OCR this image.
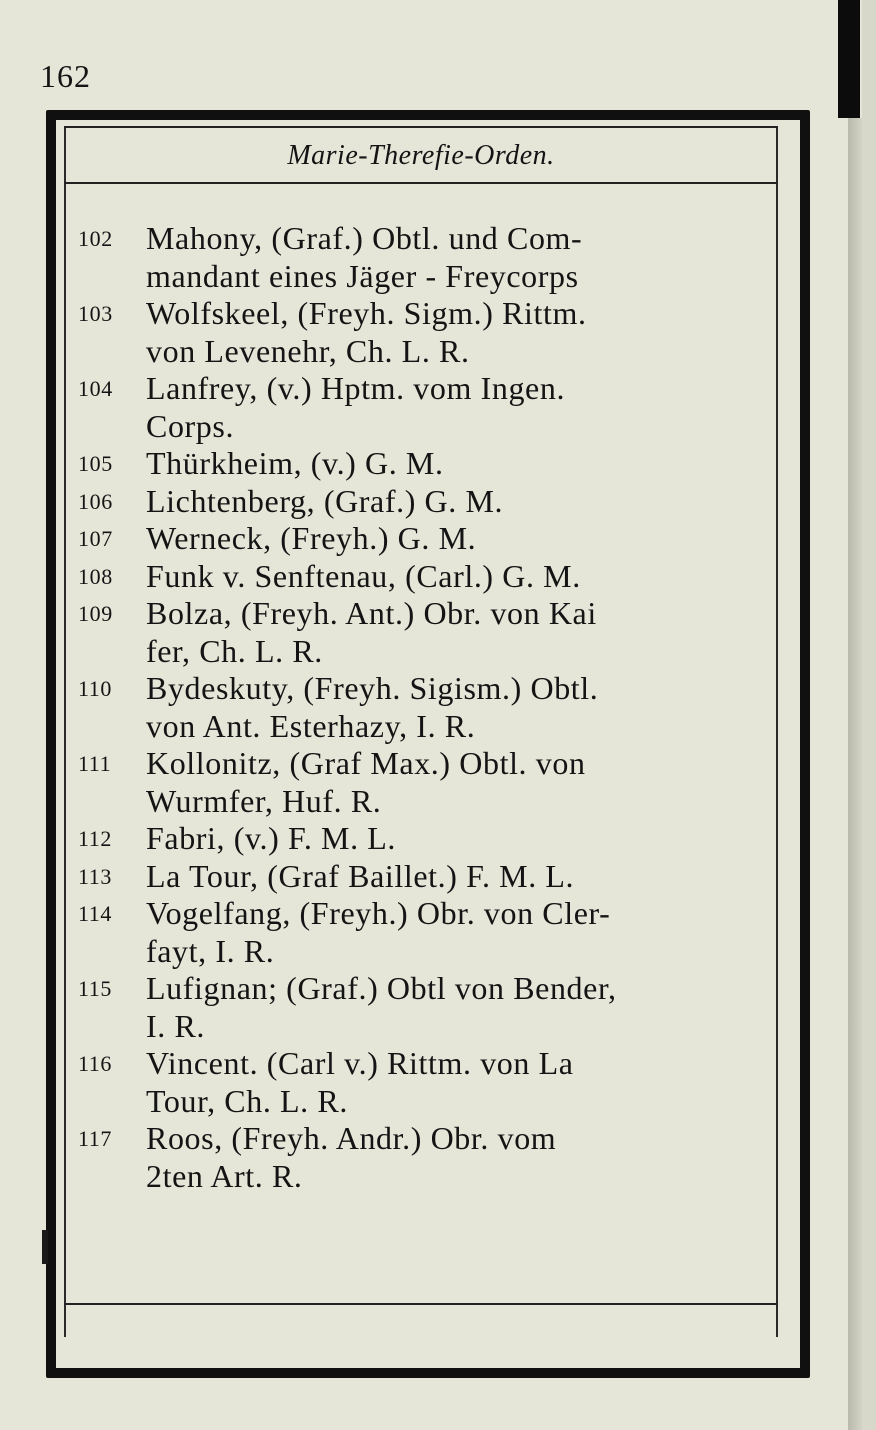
162
Marie-Therefie-Orden.
102	Mahony, (Graf.) Obtl. und Com-
mandant eines Jäger - Freycorps
103	Wolfskeel, (Freyh. Sigm.) Rittm.
von Levenehr, Ch. L. R.
104	Lanfrey, (v.) Hptm. vom Ingen.
Corps.
105	Thürkheim, (v.) G. M.
106	Lichtenberg, (Graf.) G. M.
107	Werneck, (Freyh.) G. M.
108	Funk v. Senftenau, (Carl.) G. M.
109	Bolza, (Freyh. Ant.) Obr. von Kai
fer, Ch. L. R.
110	Bydeskuty, (Freyh. Sigism.) Obtl.
von Ant. Esterhazy, I. R.
111	Kollonitz, (Graf Max.) Obtl. von
Wurmfer, Huf. R.
112	Fabri, (v.) F. M. L.
113	La Tour, (Graf Baillet.) F. M. L.
114	Vogelfang, (Freyh.) Obr. von Cler-
fayt, I. R.
115	Lufignan; (Graf.) Obtl von Bender,
I. R.
116	Vincent. (Carl v.) Rittm. von La
Tour, Ch. L. R.
117	Roos, (Freyh. Andr.) Obr. vom
2ten Art. R.
